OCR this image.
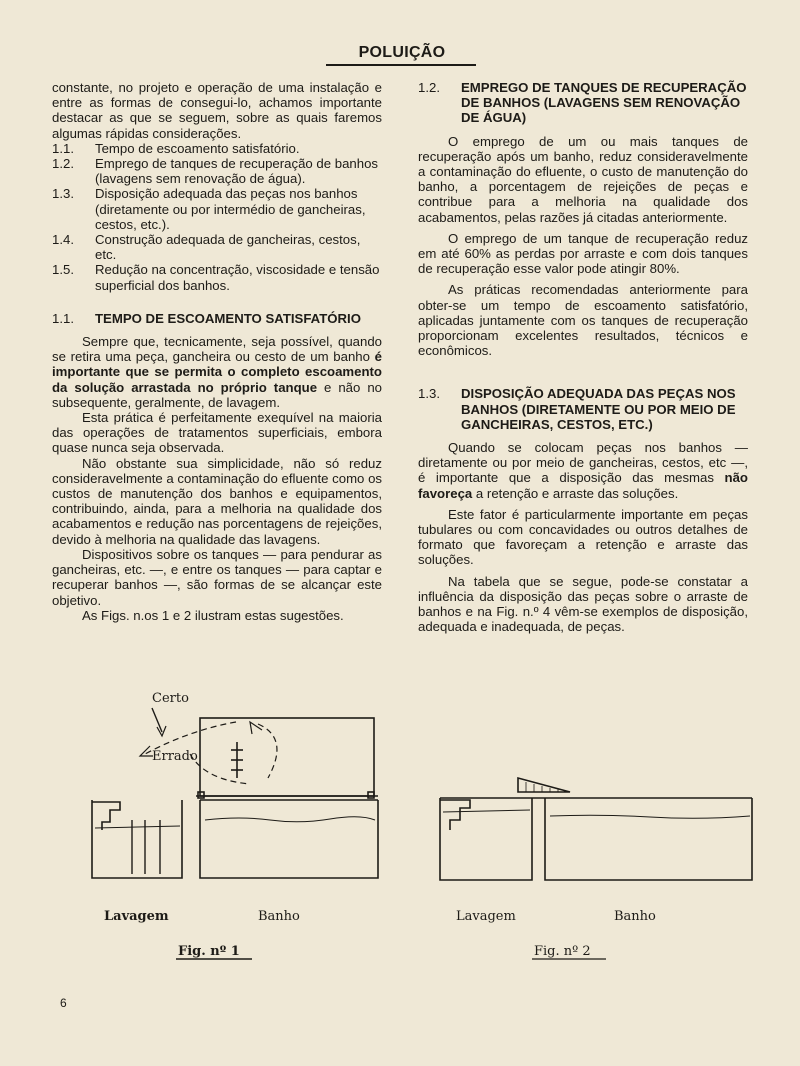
POLUIÇÃO

constante, no projeto e operação de uma instalação e entre as formas de consegui-lo, achamos importante destacar as que se seguem, sobre as quais faremos algumas rápidas considerações.

1.1.	Tempo de escoamento satisfatório.
1.2.	Emprego de tanques de recuperação de banhos (lavagens sem renovação de água).
1.3.	Disposição adequada das peças nos banhos (diretamente ou por intermédio de gancheiras, cestos, etc.).
1.4.	Construção adequada de gancheiras, cestos, etc.
1.5.	Redução na concentração, viscosidade e tensão superficial dos banhos.
1.1.	TEMPO DE ESCOAMENTO SATISFATÓRIO

Sempre que, tecnicamente, seja possível, quando se retira uma peça, gancheira ou cesto de um banho é importante que se permita o completo escoamento da solução arrastada no próprio tanque e não no subsequente, geralmente, de lavagem.

Esta prática é perfeitamente exequível na maioria das operações de tratamentos superficiais, embora quase nunca seja observada.

Não obstante sua simplicidade, não só reduz consideravelmente a contaminação do efluente como os custos de manutenção dos banhos e equipamentos, contribuindo, ainda, para a melhoria na qualidade dos acabamentos e redução nas porcentagens de rejeições, devido à melhoria na qualidade das lavagens.

Dispositivos sobre os tanques — para pendurar as gancheiras, etc. —, e entre os tanques — para captar e recuperar banhos —, são formas de se alcançar este objetivo.

As Figs. n.os 1 e 2 ilustram estas sugestões.

1.2.	EMPREGO DE TANQUES DE RECUPERAÇÃO DE BANHOS (LAVAGENS SEM RENOVAÇÃO DE ÁGUA)

O emprego de um ou mais tanques de recuperação após um banho, reduz consideravelmente a contaminação do efluente, o custo de manutenção do banho, a porcentagem de rejeições de peças e contribue para a melhoria na qualidade dos acabamentos, pelas razões já citadas anteriormente.

O emprego de um tanque de recuperação reduz em até 60% as perdas por arraste e com dois tanques de recuperação esse valor pode atingir 80%.

As práticas recomendadas anteriormente para obter-se um tempo de escoamento satisfatório, aplicadas juntamente com os tanques de recuperação proporcionam excelentes resultados, técnicos e econômicos.

1.3.	DISPOSIÇÃO ADEQUADA DAS PEÇAS NOS BANHOS (DIRETAMENTE OU POR MEIO DE GANCHEIRAS, CESTOS, ETC.)

Quando se colocam peças nos banhos — diretamente ou por meio de gancheiras, cestos, etc —, é importante que a disposição das mesmas não favoreça a retenção e arraste das soluções.

Este fator é particularmente importante em peças tubulares ou com concavidades ou outros detalhes de formato que favoreçam a retenção e arraste das soluções.

Na tabela que se segue, pode-se constatar a influência da disposição das peças sobre o arraste de banhos e na Fig. n.º 4 vêm-se exemplos de disposição, adequada e inadequada, de peças.

Certo
Errado
Lavagem	Banho
Fig. nº 1
Lavagem	Banho
Fig. nº 2
6
